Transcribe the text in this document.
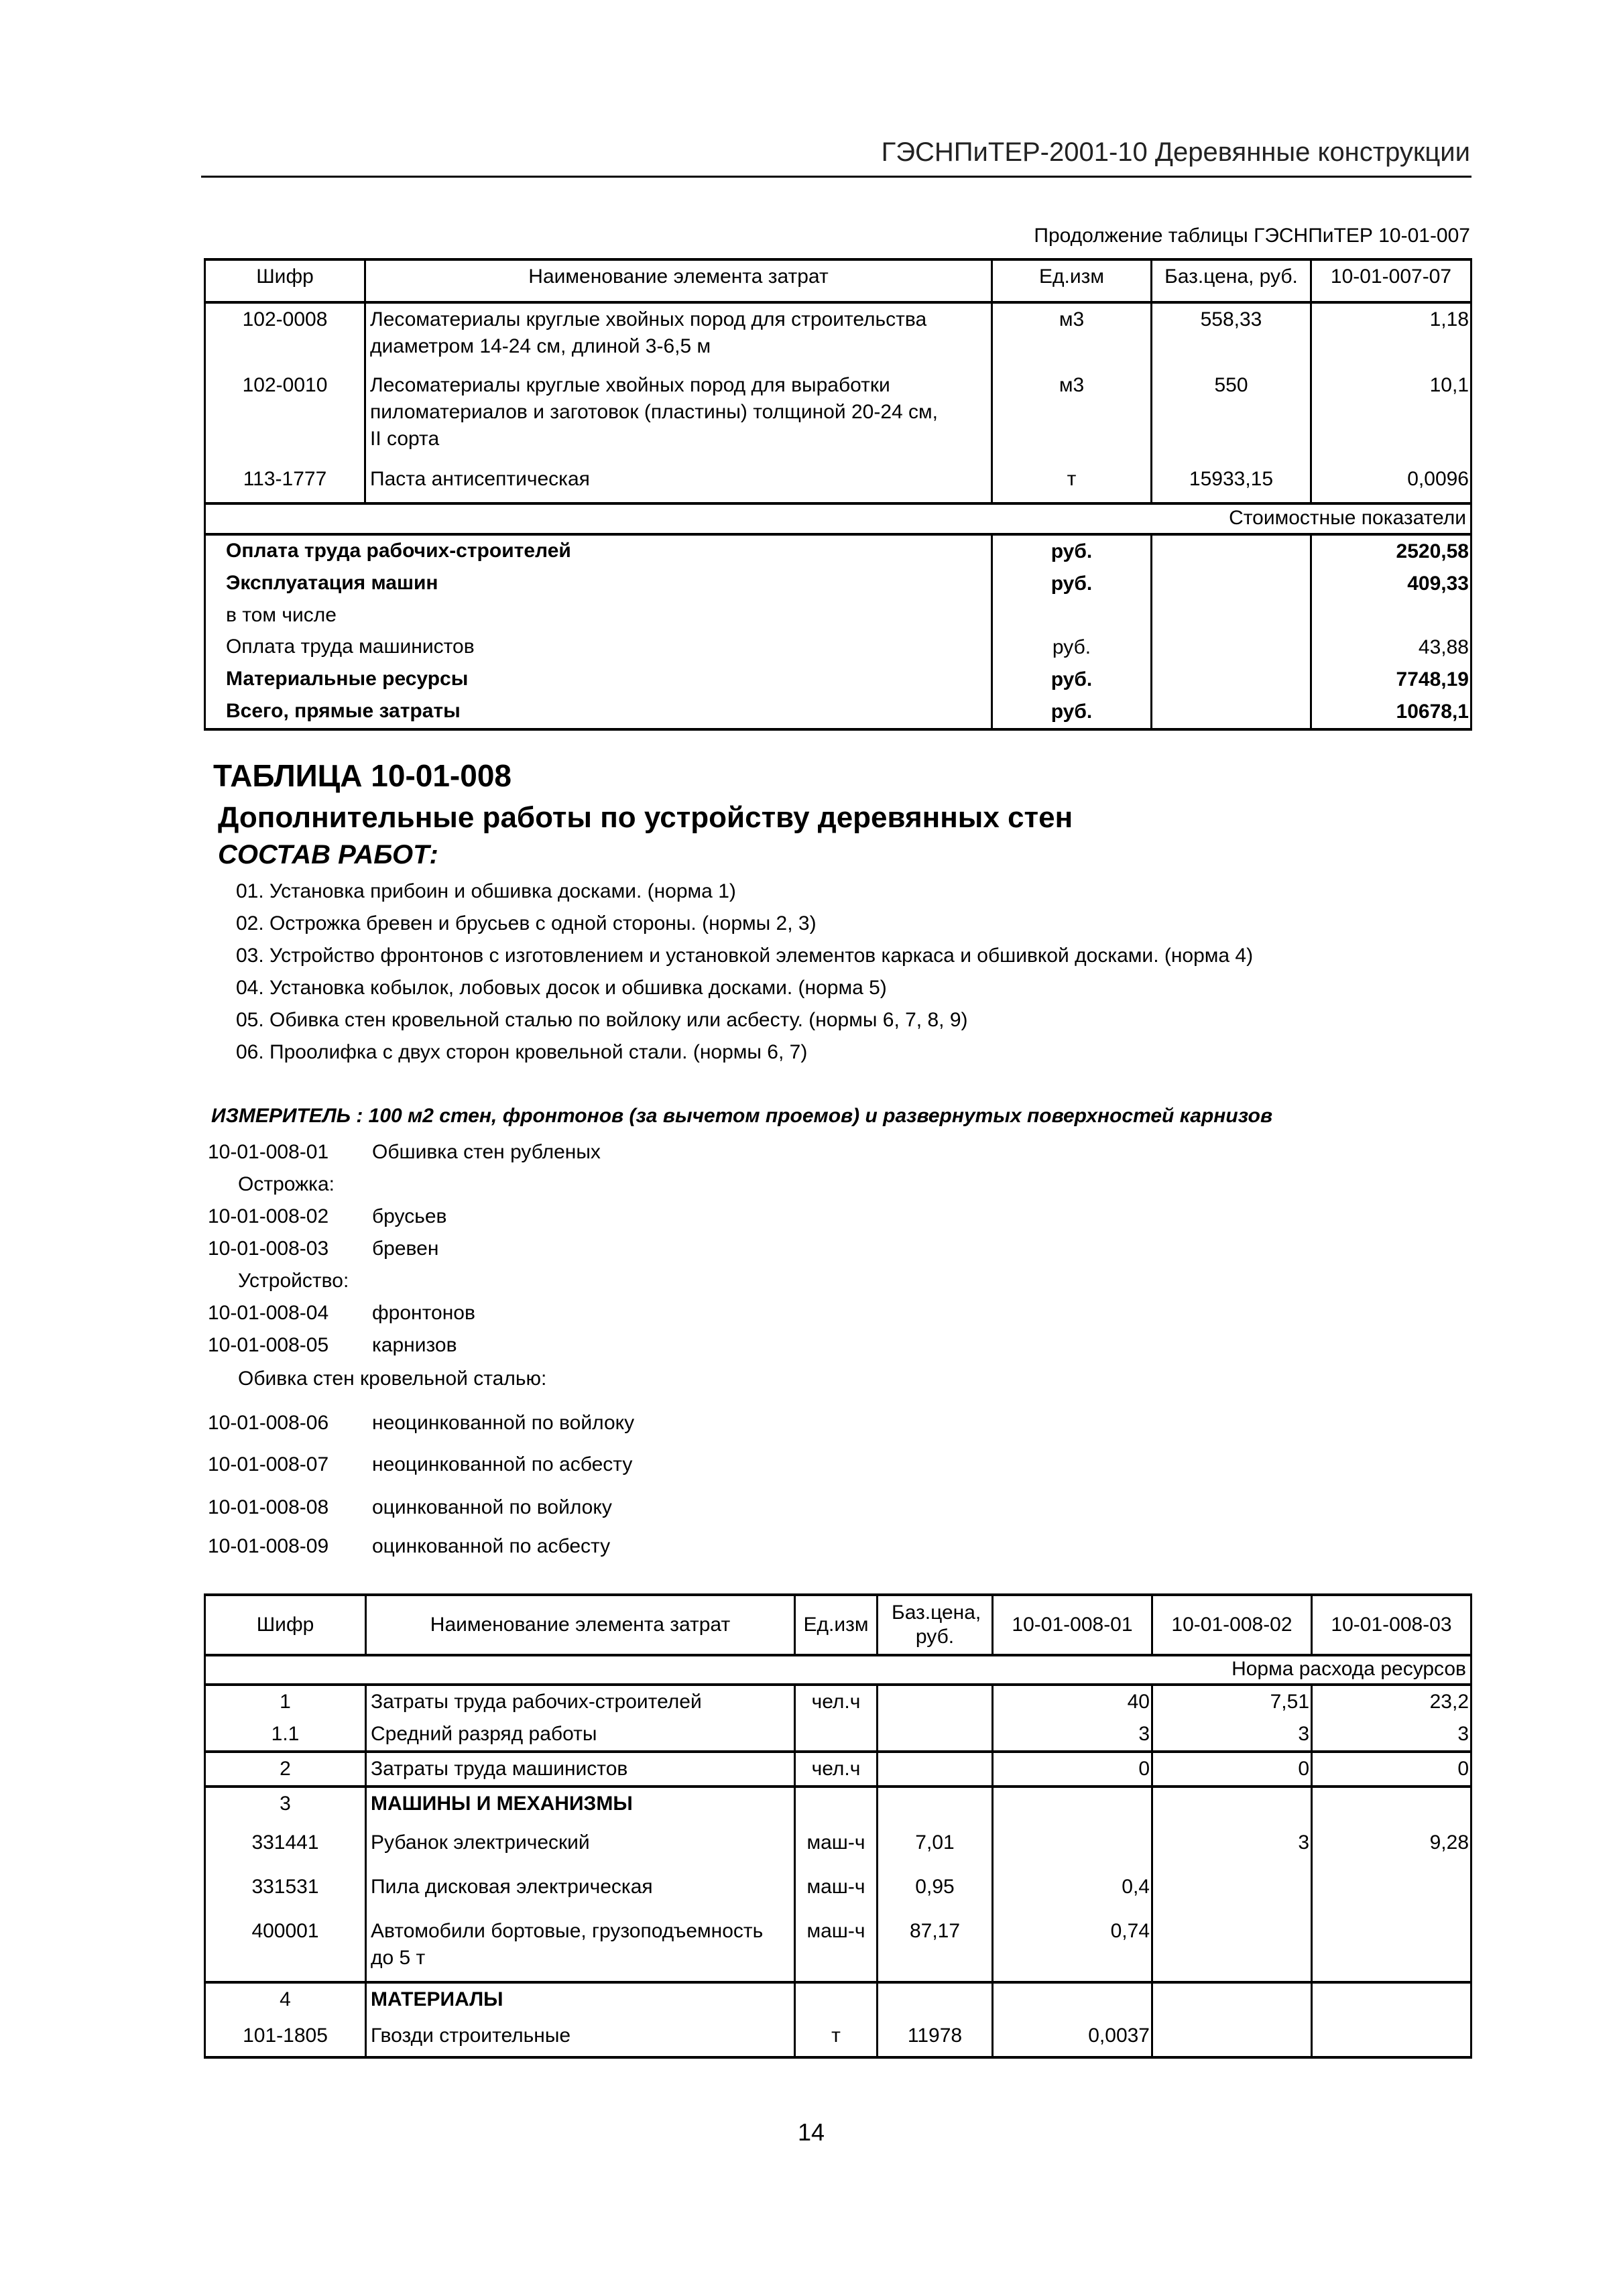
ГЭСНПиТЕР-2001-10 Деревянные конструкции
Продолжение таблицы ГЭСНПиТЕР 10-01-007
Шифр	Наименование элемента затрат	Ед.изм	Баз.цена, руб.	10-01-007-07
102-0008	Лесоматериалы круглые хвойных пород для строительства
диаметром 14-24 см, длиной 3-6,5 м	м3	558,33	1,18
102-0010	Лесоматериалы круглые хвойных пород для выработки
пиломатериалов и заготовок (пластины) толщиной 20-24 см,
II сорта	м3	550	10,1
113-1777	Паста антисептическая	т	15933,15	0,0096
Стоимостные показатели				
Оплата труда рабочих-строителей		руб.		2520,58
Эксплуатация машин		руб.		409,33
в том числе				
Оплата труда машинистов		руб.		43,88
Материальные ресурсы		руб.		7748,19
Всего, прямые затраты		руб.		10678,1
ТАБЛИЦА 10-01-008
Дополнительные работы по устройству деревянных стен
СОСТАВ РАБОТ:
01. Установка прибоин и обшивка досками. (норма 1)
02. Острожка бревен и брусьев с одной стороны. (нормы 2, 3)
03. Устройство фронтонов с изготовлением и установкой элементов каркаса и обшивкой досками. (норма 4)
04. Установка кобылок, лобовых досок и обшивка досками. (норма 5)
05. Обивка стен кровельной сталью по войлоку или асбесту. (нормы 6, 7, 8, 9)
06. Проолифка с двух сторон кровельной стали. (нормы 6, 7)
ИЗМЕРИТЕЛЬ : 100 м2 стен, фронтонов (за вычетом проемов) и развернутых поверхностей карнизов
10-01-008-01 Обшивка стен рубленых
Острожка:
10-01-008-02 брусьев
10-01-008-03 бревен
Устройство:
10-01-008-04 фронтонов
10-01-008-05 карнизов
Обивка стен кровельной сталью:
10-01-008-06 неоцинкованной по войлоку
10-01-008-07 неоцинкованной по асбесту
10-01-008-08 оцинкованной по войлоку
10-01-008-09 оцинкованной по асбесту
Шифр	Наименование элемента затрат	Ед.изм	Баз.цена, руб.	10-01-008-01	10-01-008-02	10-01-008-03
Норма расхода ресурсов						
1	Затраты труда рабочих-строителей	чел.ч		40	7,51	23,2
1.1	Средний разряд работы			3	3	3
2	Затраты труда машинистов	чел.ч		0	0	0
3	МАШИНЫ И МЕХАНИЗМЫ					
331441	Рубанок электрический	маш-ч	7,01		3	9,28
331531	Пила дисковая электрическая	маш-ч	0,95	0,4		
400001	Автомобили бортовые, грузоподъемность до 5 т	маш-ч	87,17	0,74		
4	МАТЕРИАЛЫ					
101-1805	Гвозди строительные	т	11978	0,0037		
14
